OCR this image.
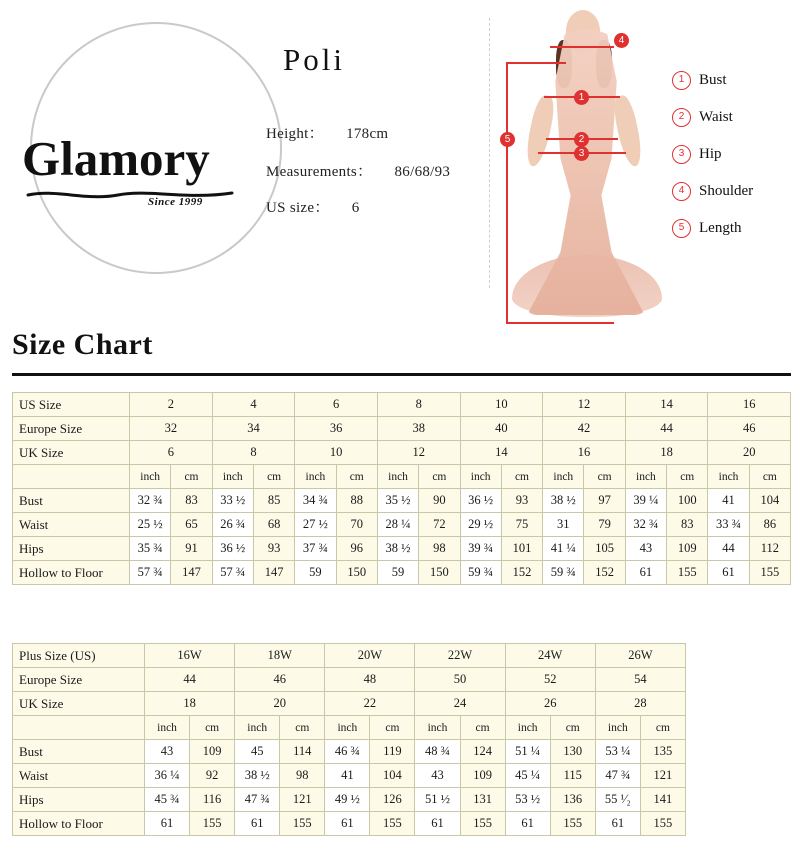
Glamory
Since 1999
Poli
Height： 178cm
Measurements： 86/68/93
US size： 6
1
2
3
4
5
1 Bust
2 Waist
3 Hip
4 Shoulder
5 Length
Size Chart
US Size	2		4		6		8		10		12		14		16	
Europe Size	32		34		36		38		40		42		44		46	
UK Size	6		8		10		12		14		16		18		20	
	inch	cm	inch	cm	inch	cm	inch	cm	inch	cm	inch	cm	inch	cm	inch	cm
Bust	32 ¾	83	33 ½	85	34 ¾	88	35 ½	90	36 ½	93	38 ½	97	39 ¼	100	41	104
Waist	25 ½	65	26 ¾	68	27 ½	70	28 ¼	72	29 ½	75	31	79	32 ¾	83	33 ¾	86
Hips	35 ¾	91	36 ½	93	37 ¾	96	38 ½	98	39 ¾	101	41 ¼	105	43	109	44	112
Hollow to Floor	57 ¾	147	57 ¾	147	59	150	59	150	59 ¾	152	59 ¾	152	61	155	61	155
Plus Size (US)	16W		18W		20W		22W		24W		26W	
Europe Size	44		46		48		50		52		54	
UK Size	18		20		22		24		26		28	
	inch	cm	inch	cm	inch	cm	inch	cm	inch	cm	inch	cm
Bust	43	109	45	114	46 ¾	119	48 ¾	124	51 ¼	130	53 ¼	135
Waist	36 ¼	92	38 ½	98	41	104	43	109	45 ¼	115	47 ¾	121
Hips	45 ¾	116	47 ¾	121	49 ½	126	51 ½	131	53 ½	136	55 ¹⁄₂	141
Hollow to Floor	61	155	61	155	61	155	61	155	61	155	61	155
